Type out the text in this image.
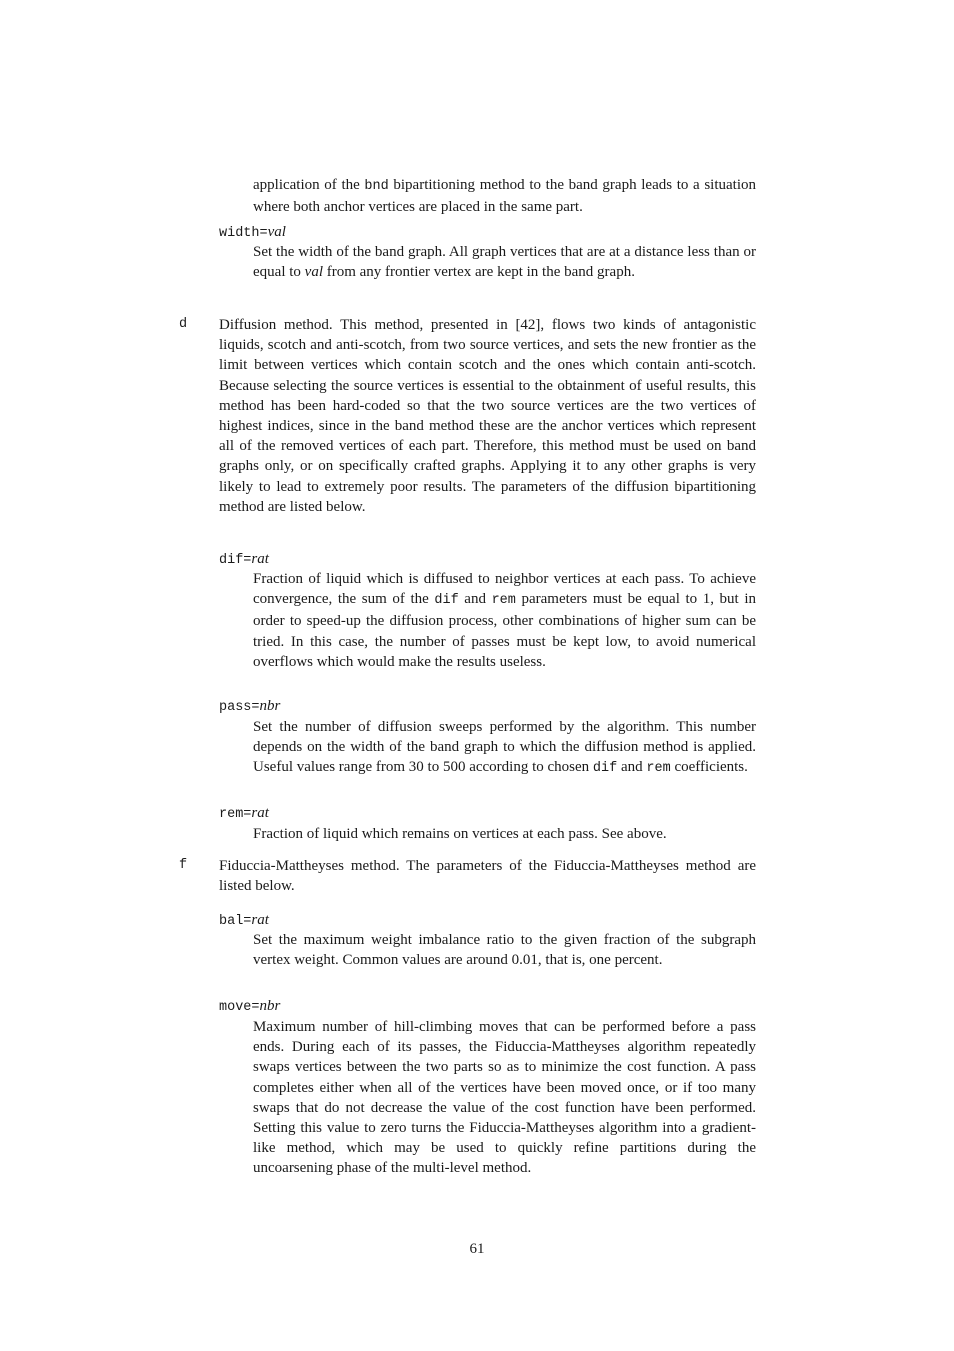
application of the bnd bipartitioning method to the band graph leads to a situation where both anchor vertices are placed in the same part.

width=val

Set the width of the band graph. All graph vertices that are at a distance less than or equal to val from any frontier vertex are kept in the band graph.

d Diffusion method. This method, presented in [42], flows two kinds of antagonistic liquids, scotch and anti-scotch, from two source vertices, and sets the new frontier as the limit between vertices which contain scotch and the ones which contain anti-scotch. Because selecting the source vertices is essential to the obtainment of useful results, this method has been hard-coded so that the two source vertices are the two vertices of highest indices, since in the band method these are the anchor vertices which represent all of the removed vertices of each part. Therefore, this method must be used on band graphs only, or on specifically crafted graphs. Applying it to any other graphs is very likely to lead to extremely poor results. The parameters of the diffusion bipartitioning method are listed below.

dif=rat

Fraction of liquid which is diffused to neighbor vertices at each pass. To achieve convergence, the sum of the dif and rem parameters must be equal to 1, but in order to speed-up the diffusion process, other combinations of higher sum can be tried. In this case, the number of passes must be kept low, to avoid numerical overflows which would make the results useless.

pass=nbr

Set the number of diffusion sweeps performed by the algorithm. This number depends on the width of the band graph to which the diffusion method is applied. Useful values range from 30 to 500 according to chosen dif and rem coefficients.

rem=rat

Fraction of liquid which remains on vertices at each pass. See above.

f Fiduccia-Mattheyses method. The parameters of the Fiduccia-Mattheyses method are listed below.

bal=rat

Set the maximum weight imbalance ratio to the given fraction of the subgraph vertex weight. Common values are around 0.01, that is, one percent.

move=nbr

Maximum number of hill-climbing moves that can be performed before a pass ends. During each of its passes, the Fiduccia-Mattheyses algorithm repeatedly swaps vertices between the two parts so as to minimize the cost function. A pass completes either when all of the vertices have been moved once, or if too many swaps that do not decrease the value of the cost function have been performed. Setting this value to zero turns the Fiduccia-Mattheyses algorithm into a gradient-like method, which may be used to quickly refine partitions during the uncoarsening phase of the multi-level method.

61
